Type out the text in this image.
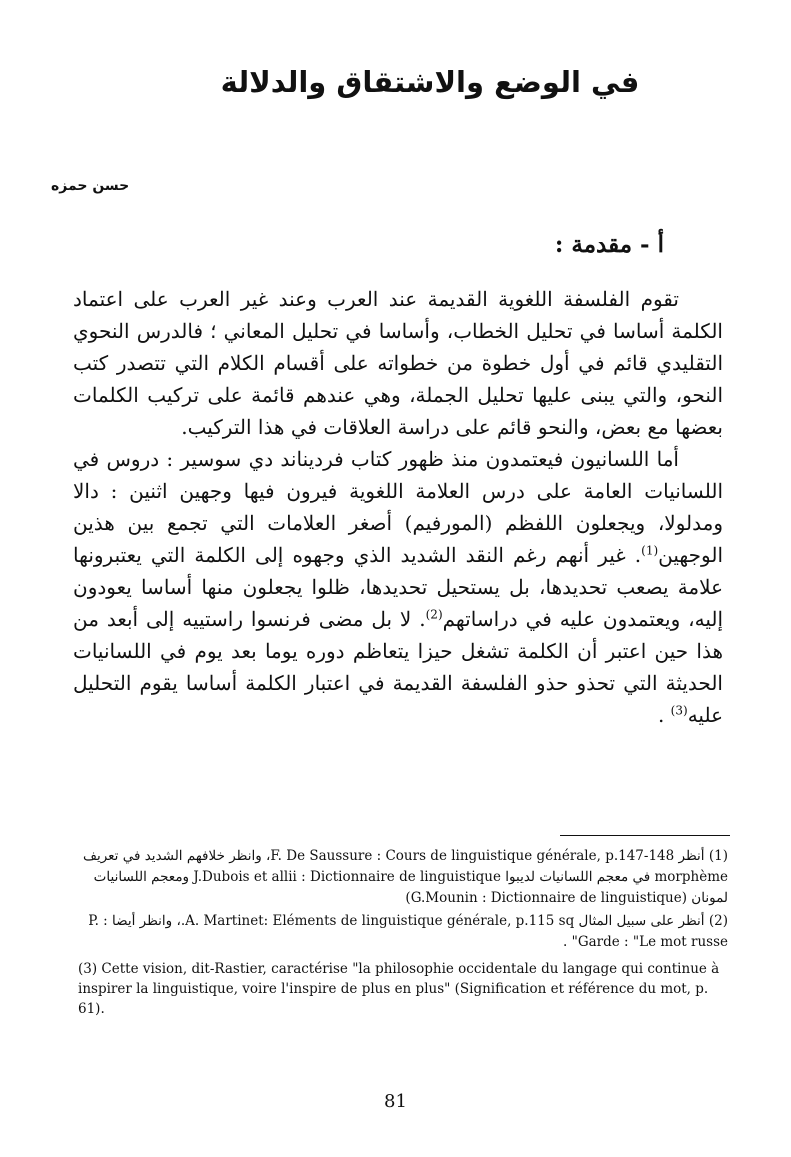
في الوضع والاشتقاق والدلالة
حسن حمزه
أ - مقدمة :

تقوم الفلسفة اللغوية القديمة عند العرب وعند غير العرب على اعتماد الكلمة أساسا في تحليل الخطاب، وأساسا في تحليل المعاني ؛ فالدرس النحوي التقليدي قائم في أول خطوة من خطواته على أقسام الكلام التي تتصدر كتب النحو، والتي يبنى عليها تحليل الجملة، وهي عندهم قائمة على تركيب الكلمات بعضها مع بعض، والنحو قائم على دراسة العلاقات في هذا التركيب.

أما اللسانيون فيعتمدون منذ ظهور كتاب فرديناند دي سوسير : دروس في اللسانيات العامة على درس العلامة اللغوية فيرون فيها وجهين اثنين : دالا ومدلولا، ويجعلون اللفظم (المورفيم) أصغر العلامات التي تجمع بين هذين الوجهين$^{(1)}$. غير أنهم رغم النقد الشديد الذي وجهوه إلى الكلمة التي يعتبرونها علامة يصعب تحديدها، بل يستحيل تحديدها، ظلوا يجعلون منها أساسا يعودون إليه، ويعتمدون عليه في دراساتهم$^{(2)}$. لا بل مضى فرنسوا راستييه إلى أبعد من هذا حين اعتبر أن الكلمة تشغل حيزا يتعاظم دوره يوما بعد يوم في اللسانيات الحديثة التي تحذو حذو الفلسفة القديمة في اعتبار الكلمة أساسا يقوم التحليل عليه$^{(3)}$ .

(1) أنظر F. De Saussure : Cours de linguistique générale, p.147-148، وانظر خلافهم الشديد في تعريف morphème في معجم اللسانيات لديبوا J.Dubois et allii : Dictionnaire de linguistique ومعجم اللسانيات لمونان (G.Mounin : Dictionnaire de linguistique)

(2) أنظر على سبيل المثال A. Martinet: Eléments de linguistique générale, p.115 sq.، وانظر أيضا : P. Garde : "Le mot russe" .

(3) Cette vision, dit-Rastier, caractérise "la philosophie occidentale du langage qui continue à inspirer la linguistique, voire l'inspire de plus en plus" (Signification et référence du mot, p. 61).

81
